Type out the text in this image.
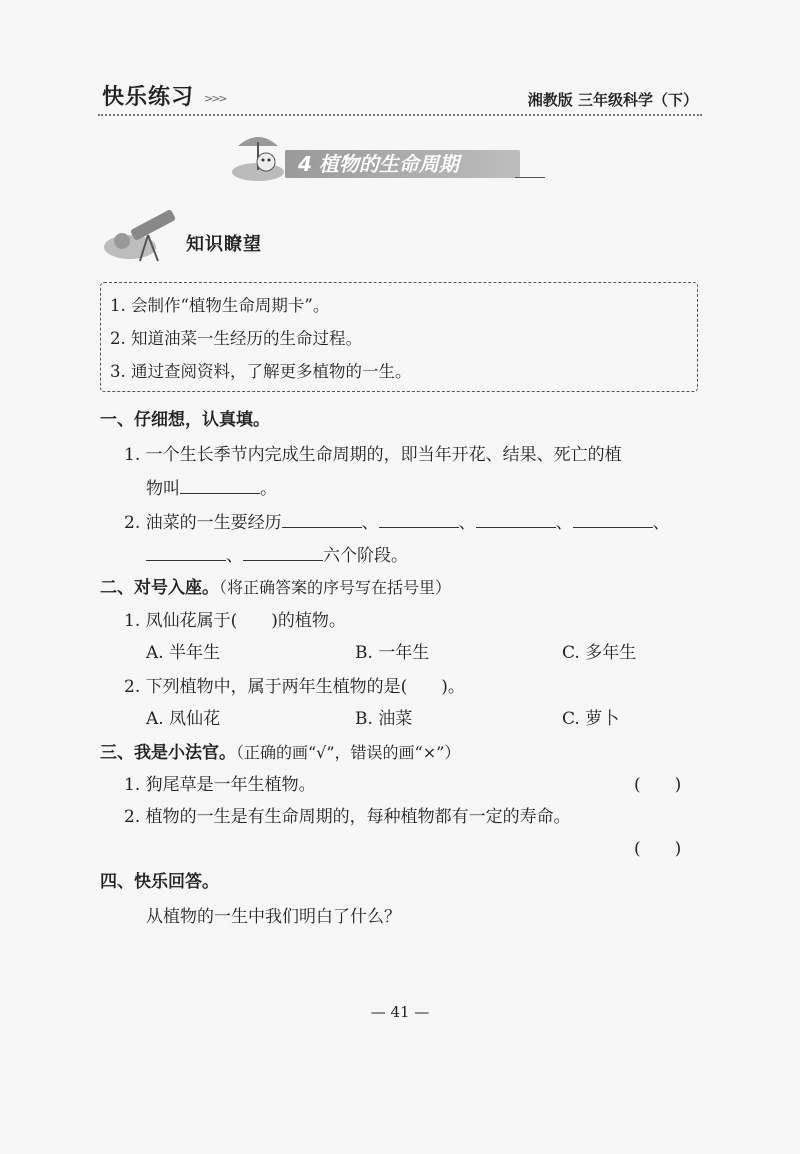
快乐练习 >>>	湘教版 三年级科学（下）
4 植物的生命周期
知识瞭望
1. 会制作“植物生命周期卡”。
2. 知道油菜一生经历的生命过程。
3. 通过查阅资料，了解更多植物的一生。
一、仔细想，认真填。
1. 一个生长季节内完成生命周期的，即当年开花、结果、死亡的植
物叫	。
2. 油菜的一生要经历	、	、	、	、
、	六个阶段。
二、对号入座。（将正确答案的序号写在括号里）
1. 凤仙花属于(　　)的植物。
A. 半年生	B. 一年生	C. 多年生
2. 下列植物中，属于两年生植物的是(　　)。
A. 凤仙花	B. 油菜	C. 萝卜
三、我是小法官。（正确的画“√”，错误的画“×”）
1. 狗尾草是一年生植物。	(　　)
2. 植物的一生是有生命周期的，每种植物都有一定的寿命。
(　　)
四、快乐回答。
从植物的一生中我们明白了什么？
— 41 —
